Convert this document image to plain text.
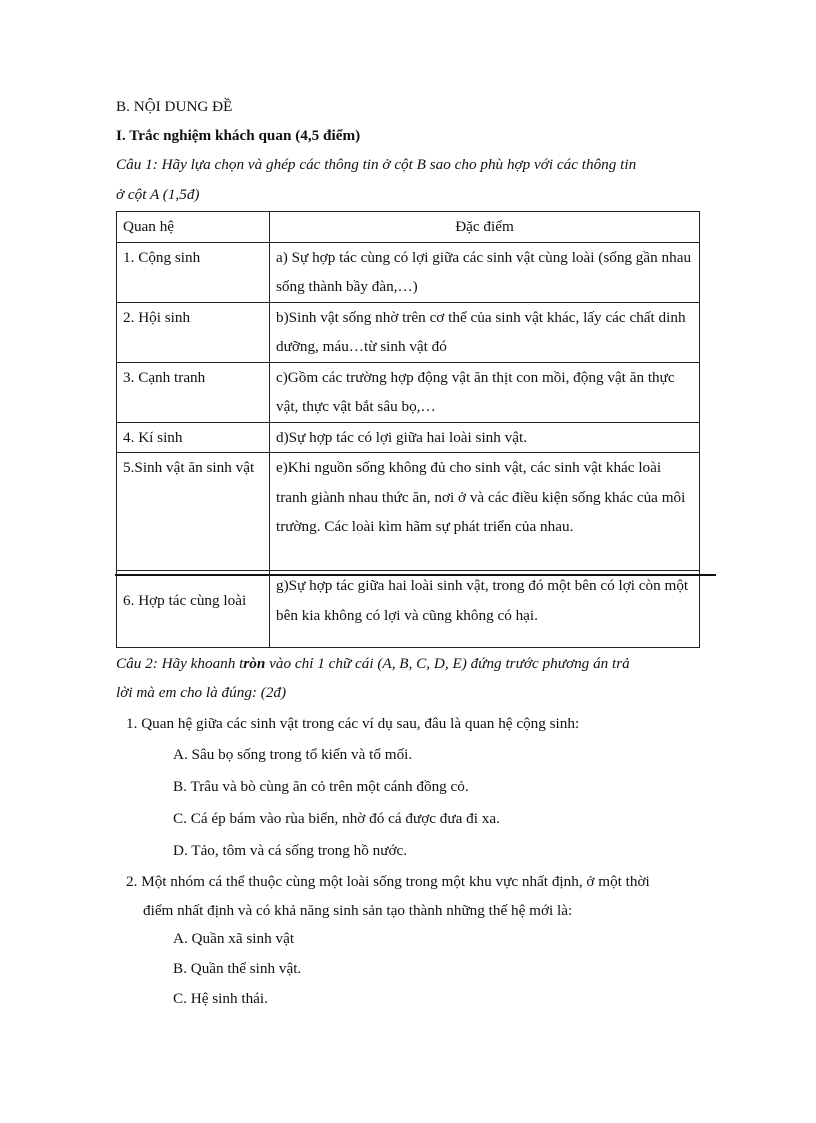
B. NỘI DUNG ĐỀ
I. Trắc nghiệm khách quan (4,5 điểm)
Câu 1: Hãy lựa chọn và ghép các thông tin ở cột B sao cho phù hợp với các thông tin
ở cột A (1,5đ)
Quan hệ	Đặc điểm
1. Cộng sinh	a) Sự hợp tác cùng có lợi giữa các sinh vật cùng loài (sống gần nhau sống thành bầy đàn,…)
2. Hội sinh	b)Sinh vật sống nhờ trên cơ thể của sinh vật khác, lấy các chất dinh dưỡng, máu…từ sinh vật đó
3. Cạnh tranh	c)Gồm các trường hợp động vật ăn thịt con mồi, động vật ăn thực vật, thực vật bắt sâu bọ,…
4. Kí sinh	d)Sự hợp tác có lợi giữa hai loài sinh vật.
5.Sinh vật ăn sinh vật	e)Khi nguồn sống không đủ cho sinh vật, các sinh vật khác loài tranh giành nhau thức ăn, nơi ở và các điều kiện sống khác của môi trường. Các loài kìm hãm sự phát triển của nhau.
6. Hợp tác cùng loài	g)Sự hợp tác giữa hai loài sinh vật, trong đó một bên có lợi còn một bên kia không có lợi và cũng không có hại.
Câu 2: Hãy khoanh tròn vào chỉ 1 chữ cái (A, B, C, D, E) đứng trước phương án trả
lời mà em cho là đúng: (2đ)
1. Quan hệ giữa các sinh vật trong các ví dụ sau, đâu là quan hệ cộng sinh:
A. Sâu bọ sống trong tổ kiến và tổ mối.
B. Trâu và bò cùng ăn cỏ trên một cánh đồng cỏ.
C. Cá ép bám vào rùa biển, nhờ đó cá được đưa đi xa.
D. Tảo, tôm và cá sống trong hồ nước.
2. Một nhóm cá thể thuộc cùng một loài sống trong một khu vực nhất định, ở một thời
điểm nhất định và có khả năng sinh sản tạo thành những thế hệ mới là:
A. Quần xã sinh vật
B. Quần thể sinh vật.
C. Hệ sinh thái.
